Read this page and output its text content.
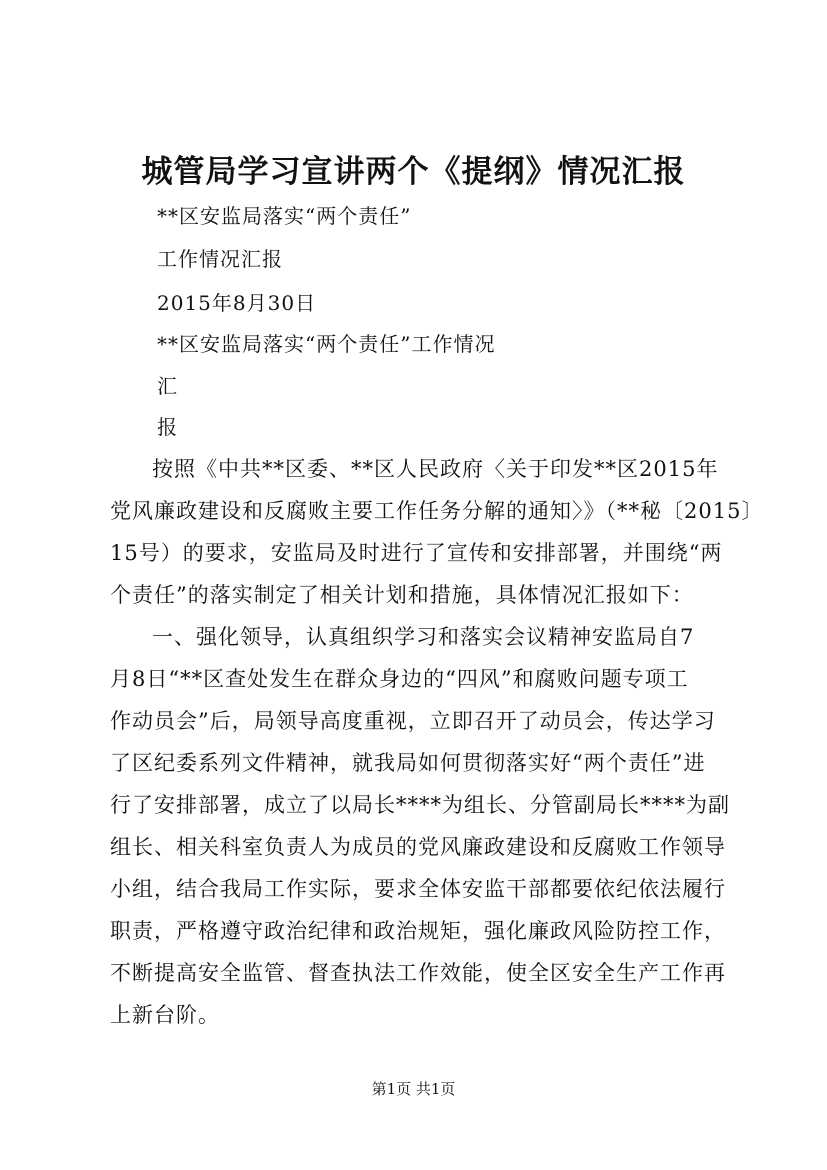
城管局学习宣讲两个《提纲》情况汇报
**区安监局落实“两个责任”
工作情况汇报
2015年8月30日
**区安监局落实“两个责任”工作情况
汇
报
按照《中共**区委、**区人民政府〈关于印发**区2015年
党风廉政建设和反腐败主要工作任务分解的通知〉》（**秘〔2015〕
15号）的要求，安监局及时进行了宣传和安排部署，并围绕“两
个责任”的落实制定了相关计划和措施，具体情况汇报如下：
一、强化领导，认真组织学习和落实会议精神安监局自7
月8日“**区查处发生在群众身边的“四风”和腐败问题专项工
作动员会”后，局领导高度重视，立即召开了动员会，传达学习
了区纪委系列文件精神，就我局如何贯彻落实好“两个责任”进
行了安排部署，成立了以局长****为组长、分管副局长****为副
组长、相关科室负责人为成员的党风廉政建设和反腐败工作领导
小组，结合我局工作实际，要求全体安监干部都要依纪依法履行
职责，严格遵守政治纪律和政治规矩，强化廉政风险防控工作，
不断提高安全监管、督查执法工作效能，使全区安全生产工作再
上新台阶。
第1页 共1页
